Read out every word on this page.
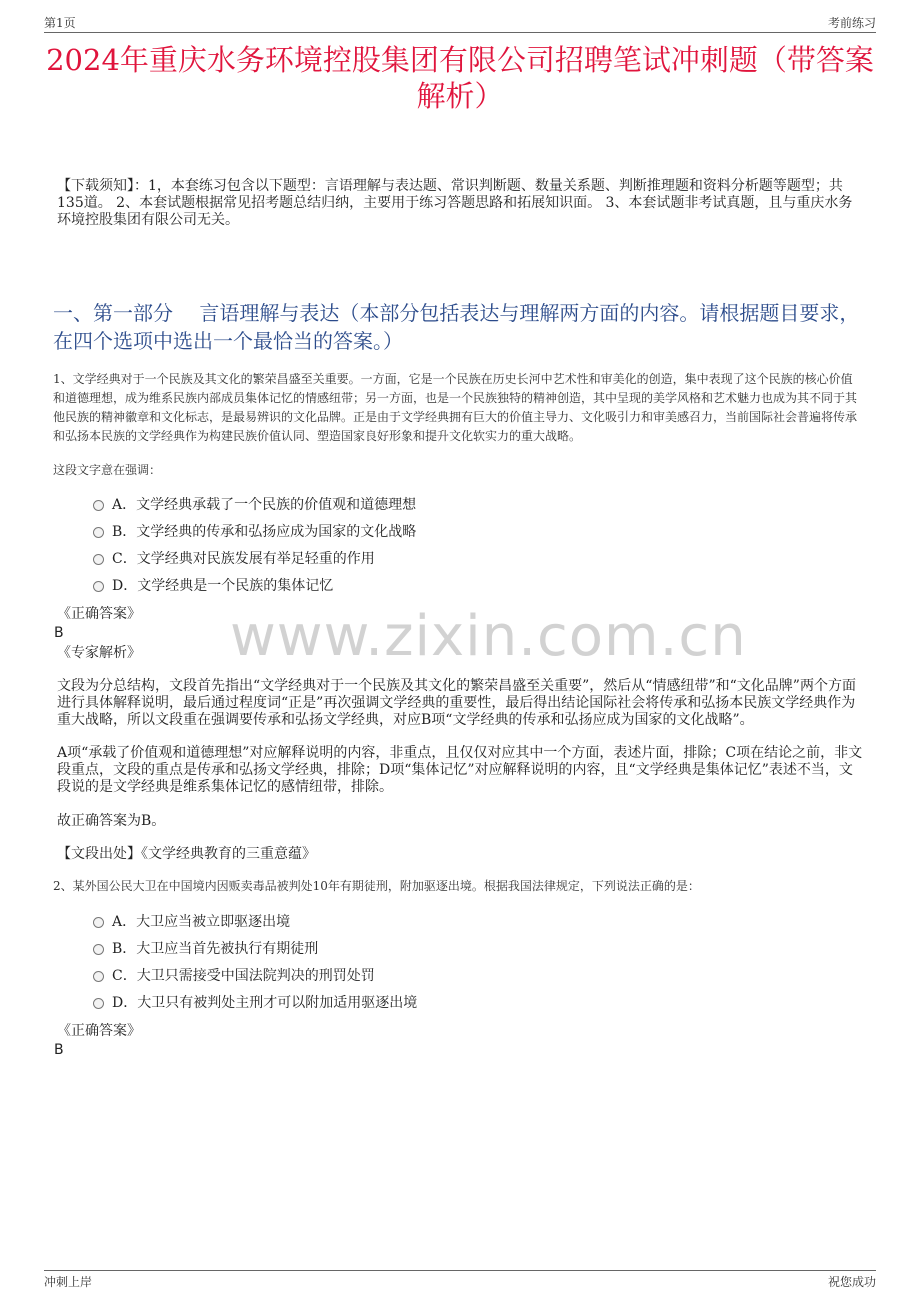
第1页	考前练习
2024年重庆水务环境控股集团有限公司招聘笔试冲刺题（带答案解析）
【下载须知】：1，本套练习包含以下题型：言语理解与表达题、常识判断题、数量关系题、判断推理题和资料分析题等题型；共135道。 2、本套试题根据常见招考题总结归纳，主要用于练习答题思路和拓展知识面。 3、本套试题非考试真题，且与重庆水务环境控股集团有限公司无关。
一、第一部分　 言语理解与表达（本部分包括表达与理解两方面的内容。请根据题目要求，在四个选项中选出一个最恰当的答案。）
1、文学经典对于一个民族及其文化的繁荣昌盛至关重要。一方面，它是一个民族在历史长河中艺术性和审美化的创造，集中表现了这个民族的核心价值和道德理想，成为维系民族内部成员集体记忆的情感纽带；另一方面，也是一个民族独特的精神创造，其中呈现的美学风格和艺术魅力也成为其不同于其他民族的精神徽章和文化标志，是最易辨识的文化品牌。正是由于文学经典拥有巨大的价值主导力、文化吸引力和审美感召力，当前国际社会普遍将传承和弘扬本民族的文学经典作为构建民族价值认同、塑造国家良好形象和提升文化软实力的重大战略。
这段文字意在强调：
A．文学经典承载了一个民族的价值观和道德理想
B．文学经典的传承和弘扬应成为国家的文化战略
C．文学经典对民族发展有举足轻重的作用
D．文学经典是一个民族的集体记忆
《正确答案》
B
《专家解析》 www.zixin.com.cn
文段为分总结构，文段首先指出“文学经典对于一个民族及其文化的繁荣昌盛至关重要”，然后从“情感纽带”和“文化品牌”两个方面进行具体解释说明，最后通过程度词“正是”再次强调文学经典的重要性，最后得出结论国际社会将传承和弘扬本民族文学经典作为重大战略，所以文段重在强调要传承和弘扬文学经典，对应B项“文学经典的传承和弘扬应成为国家的文化战略”。
A项“承载了价值观和道德理想”对应解释说明的内容，非重点，且仅仅对应其中一个方面，表述片面，排除；C项在结论之前，非文段重点，文段的重点是传承和弘扬文学经典，排除；D项“集体记忆”对应解释说明的内容，且“文学经典是集体记忆”表述不当，文段说的是文学经典是维系集体记忆的感情纽带，排除。
故正确答案为B。
【文段出处】《文学经典教育的三重意蕴》
2、某外国公民大卫在中国境内因贩卖毒品被判处10年有期徒刑，附加驱逐出境。根据我国法律规定，下列说法正确的是：
A．大卫应当被立即驱逐出境
B．大卫应当首先被执行有期徒刑
C．大卫只需接受中国法院判决的刑罚处罚
D．大卫只有被判处主刑才可以附加适用驱逐出境
《正确答案》
B
冲刺上岸	祝您成功
